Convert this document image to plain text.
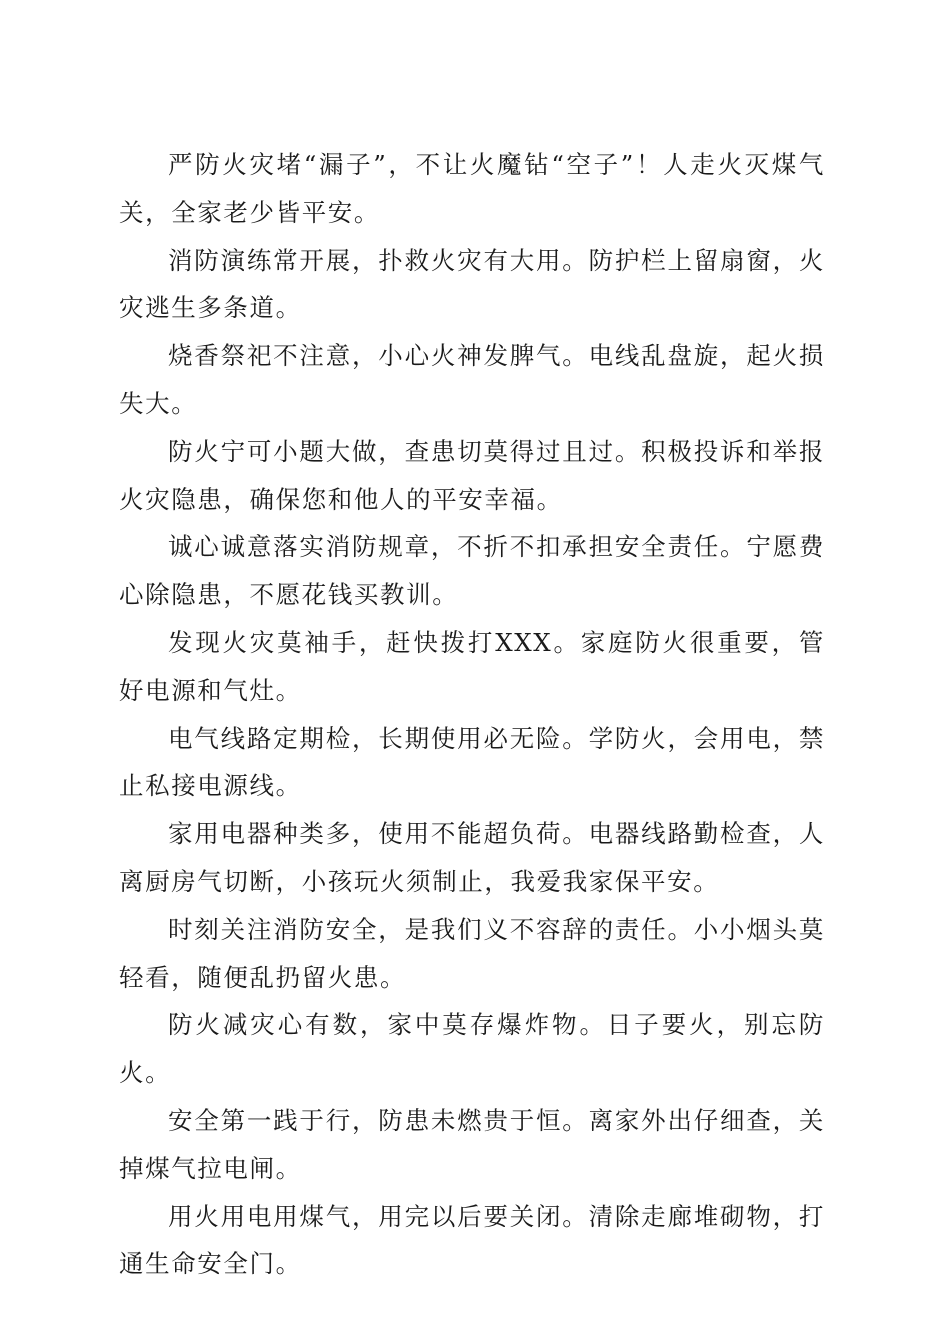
严防火灾堵“漏子”，不让火魔钻“空子”！人走火灭煤气关，全家老少皆平安。

消防演练常开展，扑救火灾有大用。防护栏上留扇窗，火灾逃生多条道。

烧香祭祀不注意，小心火神发脾气。电线乱盘旋，起火损失大。

防火宁可小题大做，查患切莫得过且过。积极投诉和举报火灾隐患，确保您和他人的平安幸福。

诚心诚意落实消防规章，不折不扣承担安全责任。宁愿费心除隐患，不愿花钱买教训。

发现火灾莫袖手，赶快拨打XXX。家庭防火很重要，管好电源和气灶。

电气线路定期检，长期使用必无险。学防火，会用电，禁止私接电源线。

家用电器种类多，使用不能超负荷。电器线路勤检查，人离厨房气切断，小孩玩火须制止，我爱我家保平安。

时刻关注消防安全，是我们义不容辞的责任。小小烟头莫轻看，随便乱扔留火患。

防火减灾心有数，家中莫存爆炸物。日子要火，别忘防火。

安全第一践于行，防患未燃贵于恒。离家外出仔细查，关掉煤气拉电闸。

用火用电用煤气，用完以后要关闭。清除走廊堆砌物，打通生命安全门。
